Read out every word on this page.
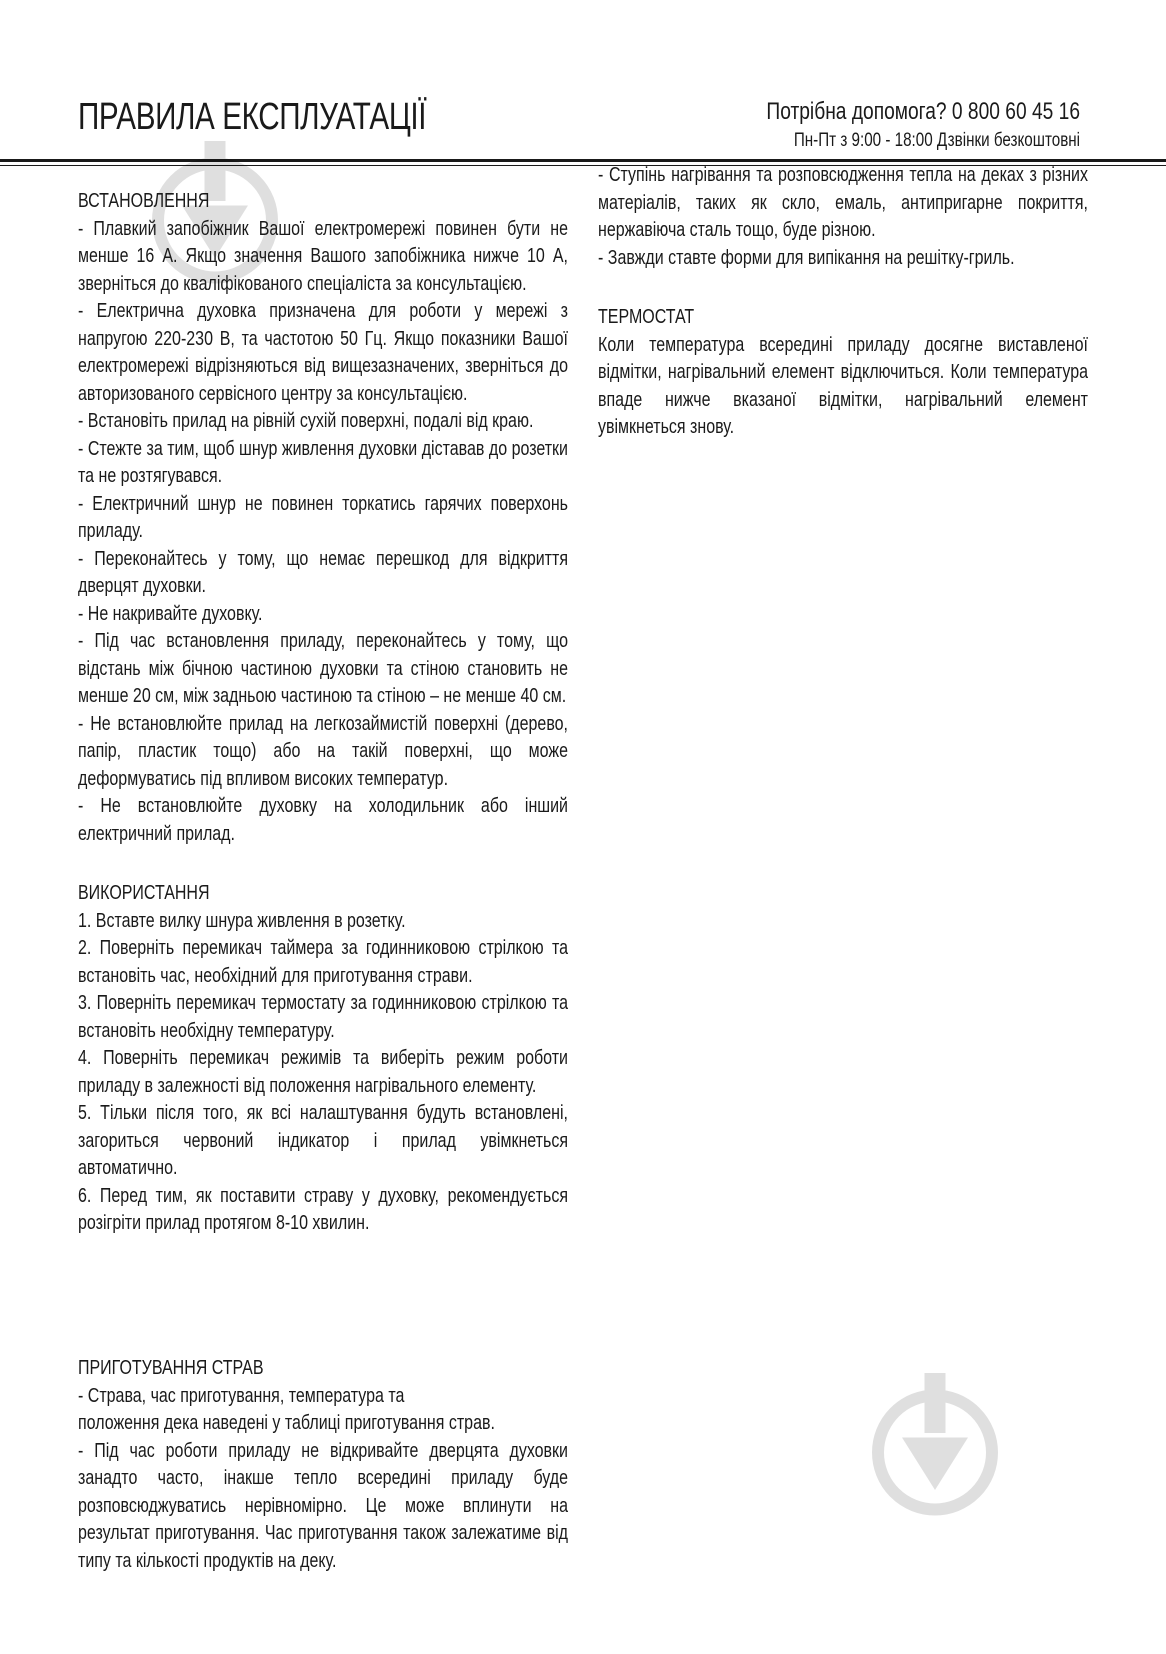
ПРАВИЛА ЕКСПЛУАТАЦІЇ	Потрібна допомога? 0 800 60 45 16
Пн-Пт з 9:00 - 18:00 Дзвінки безкоштовні
ВСТАНОВЛЕННЯ
- Плавкий запобіжник Вашої електромережі повинен бути не менше 16 А. Якщо значення Вашого запобіжника нижче 10 А, зверніться до кваліфікованого спеціаліста за консультацією.
- Електрична духовка призначена для роботи у мережі з напругою 220-230 В, та частотою 50 Гц. Якщо показники Вашої електромережі відрізняються від вищезазначених, зверніться до авторизованого сервісного центру за консультацією.
- Встановіть прилад на рівній сухій поверхні, подалі від краю.
- Стежте за тим, щоб шнур живлення духовки діставав до розетки та не розтягувався.
- Електричний шнур не повинен торкатись гарячих поверхонь приладу.
- Переконайтесь у тому, що немає перешкод для відкриття дверцят духовки.
- Не накривайте духовку.
- Під час встановлення приладу, переконайтесь у тому, що відстань між бічною частиною духовки та стіною становить не менше 20 см, між задньою частиною та стіною – не менше 40 см.
- Не встановлюйте прилад на легкозаймистій поверхні (дерево, папір, пластик тощо) або на такій поверхні, що може деформуватись під впливом високих температур.
- Не встановлюйте духовку на холодильник або інший електричний прилад.
ВИКОРИСТАННЯ
1. Вставте вилку шнура живлення в розетку.
2. Поверніть перемикач таймера за годинниковою стрілкою та встановіть час, необхідний для приготування страви.
3. Поверніть перемикач термостату за годинниковою стрілкою та встановіть необхідну температуру.
4. Поверніть перемикач режимів та виберіть режим роботи приладу в залежності від положення нагрівального елементу.
5. Тільки після того, як всі налаштування будуть встановлені, загориться червоний індикатор і прилад увімкнеться автоматично.
6. Перед тим, як поставити страву у духовку, рекомендується розігріти прилад протягом 8-10 хвилин.
ПРИГОТУВАННЯ СТРАВ
- Страва, час приготування, температура та
положення дека наведені у таблиці приготування страв.
- Під час роботи приладу не відкривайте дверцята духовки занадто часто, інакше тепло всередині приладу буде розповсюджуватись нерівномірно. Це може вплинути на результат приготування. Час приготування також залежатиме від типу та кількості продуктів на деку.
- Ступінь нагрівання та розповсюдження тепла на деках з різних матеріалів, таких як скло, емаль, антипригарне покриття, нержавіюча сталь тощо, буде різною.
- Завжди ставте форми для випікання на решітку-гриль.
ТЕРМОСТАТ
Коли температура всередині приладу досягне виставленої відмітки, нагрівальний елемент відключиться. Коли температура впаде нижче вказаної відмітки, нагрівальний елемент увімкнеться знову.
